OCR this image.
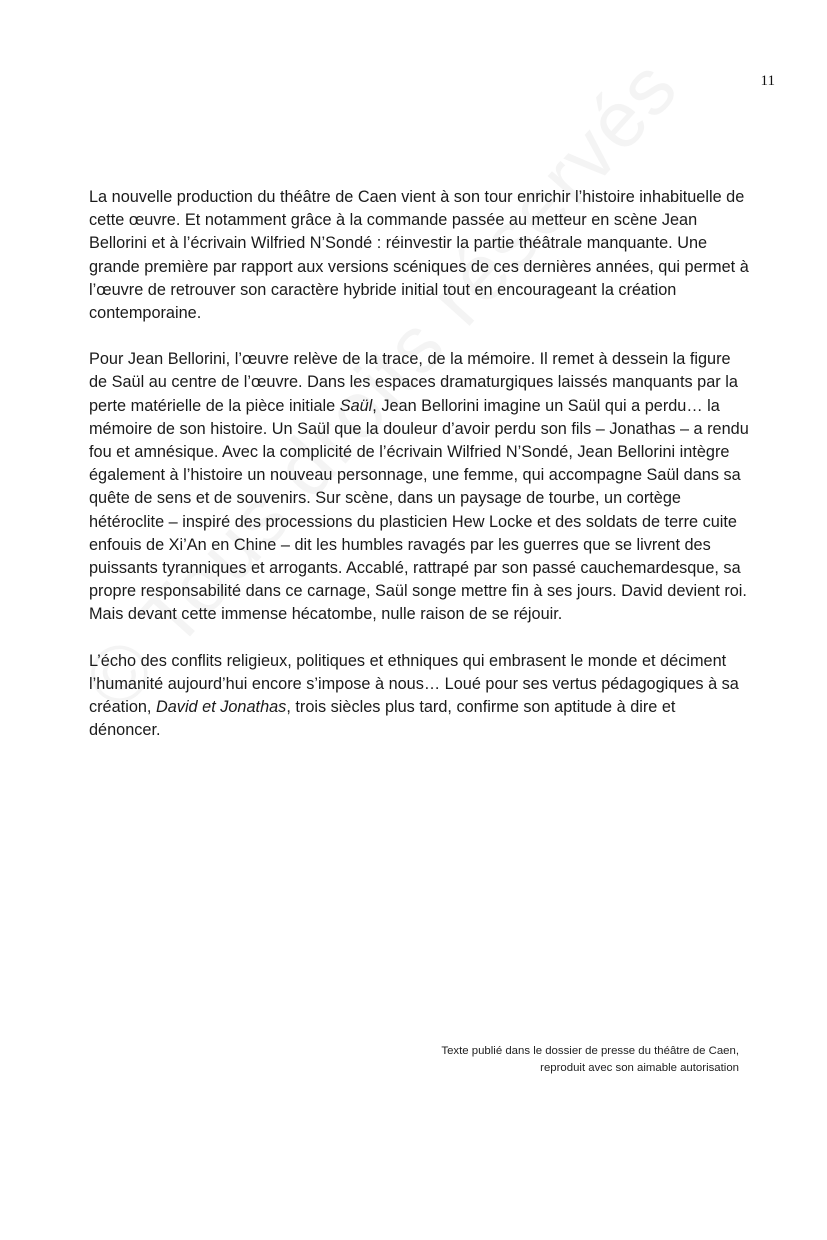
11

La nouvelle production du théâtre de Caen vient à son tour enrichir l’histoire inhabituelle de cette œuvre. Et notamment grâce à la commande passée au metteur en scène Jean Bellorini et à l’écrivain Wilfried N’Sondé : réinvestir la partie théâtrale manquante. Une grande première par rapport aux versions scéniques de ces dernières années, qui permet à l’œuvre de retrouver son caractère hybride initial tout en encourageant la création contemporaine.

Pour Jean Bellorini, l’œuvre relève de la trace, de la mémoire. Il remet à dessein la figure de Saül au centre de l’œuvre. Dans les espaces dramaturgiques laissés manquants par la perte matérielle de la pièce initiale Saül, Jean Bellorini imagine un Saül qui a perdu… la mémoire de son histoire. Un Saül que la douleur d’avoir perdu son fils – Jonathas – a rendu fou et amnésique. Avec la complicité de l’écrivain Wilfried N’Sondé, Jean Bellorini intègre également à l’histoire un nouveau personnage, une femme, qui accompagne Saül dans sa quête de sens et de souvenirs. Sur scène, dans un paysage de tourbe, un cortège hétéroclite – inspiré des processions du plasticien Hew Locke et des soldats de terre cuite enfouis de Xi’An en Chine – dit les humbles ravagés par les guerres que se livrent des puissants tyranniques et arrogants. Accablé, rattrapé par son passé cauchemardesque, sa propre responsabilité dans ce carnage, Saül songe mettre fin à ses jours. David devient roi. Mais devant cette immense hécatombe, nulle raison de se réjouir.

L’écho des conflits religieux, politiques et ethniques qui embrasent le monde et déciment l’humanité aujourd’hui encore s’impose à nous… Loué pour ses vertus pédagogiques à sa création, David et Jonathas, trois siècles plus tard, confirme son aptitude à dire et dénoncer.

Texte publié dans le dossier de presse du théâtre de Caen,
reproduit avec son aimable autorisation
